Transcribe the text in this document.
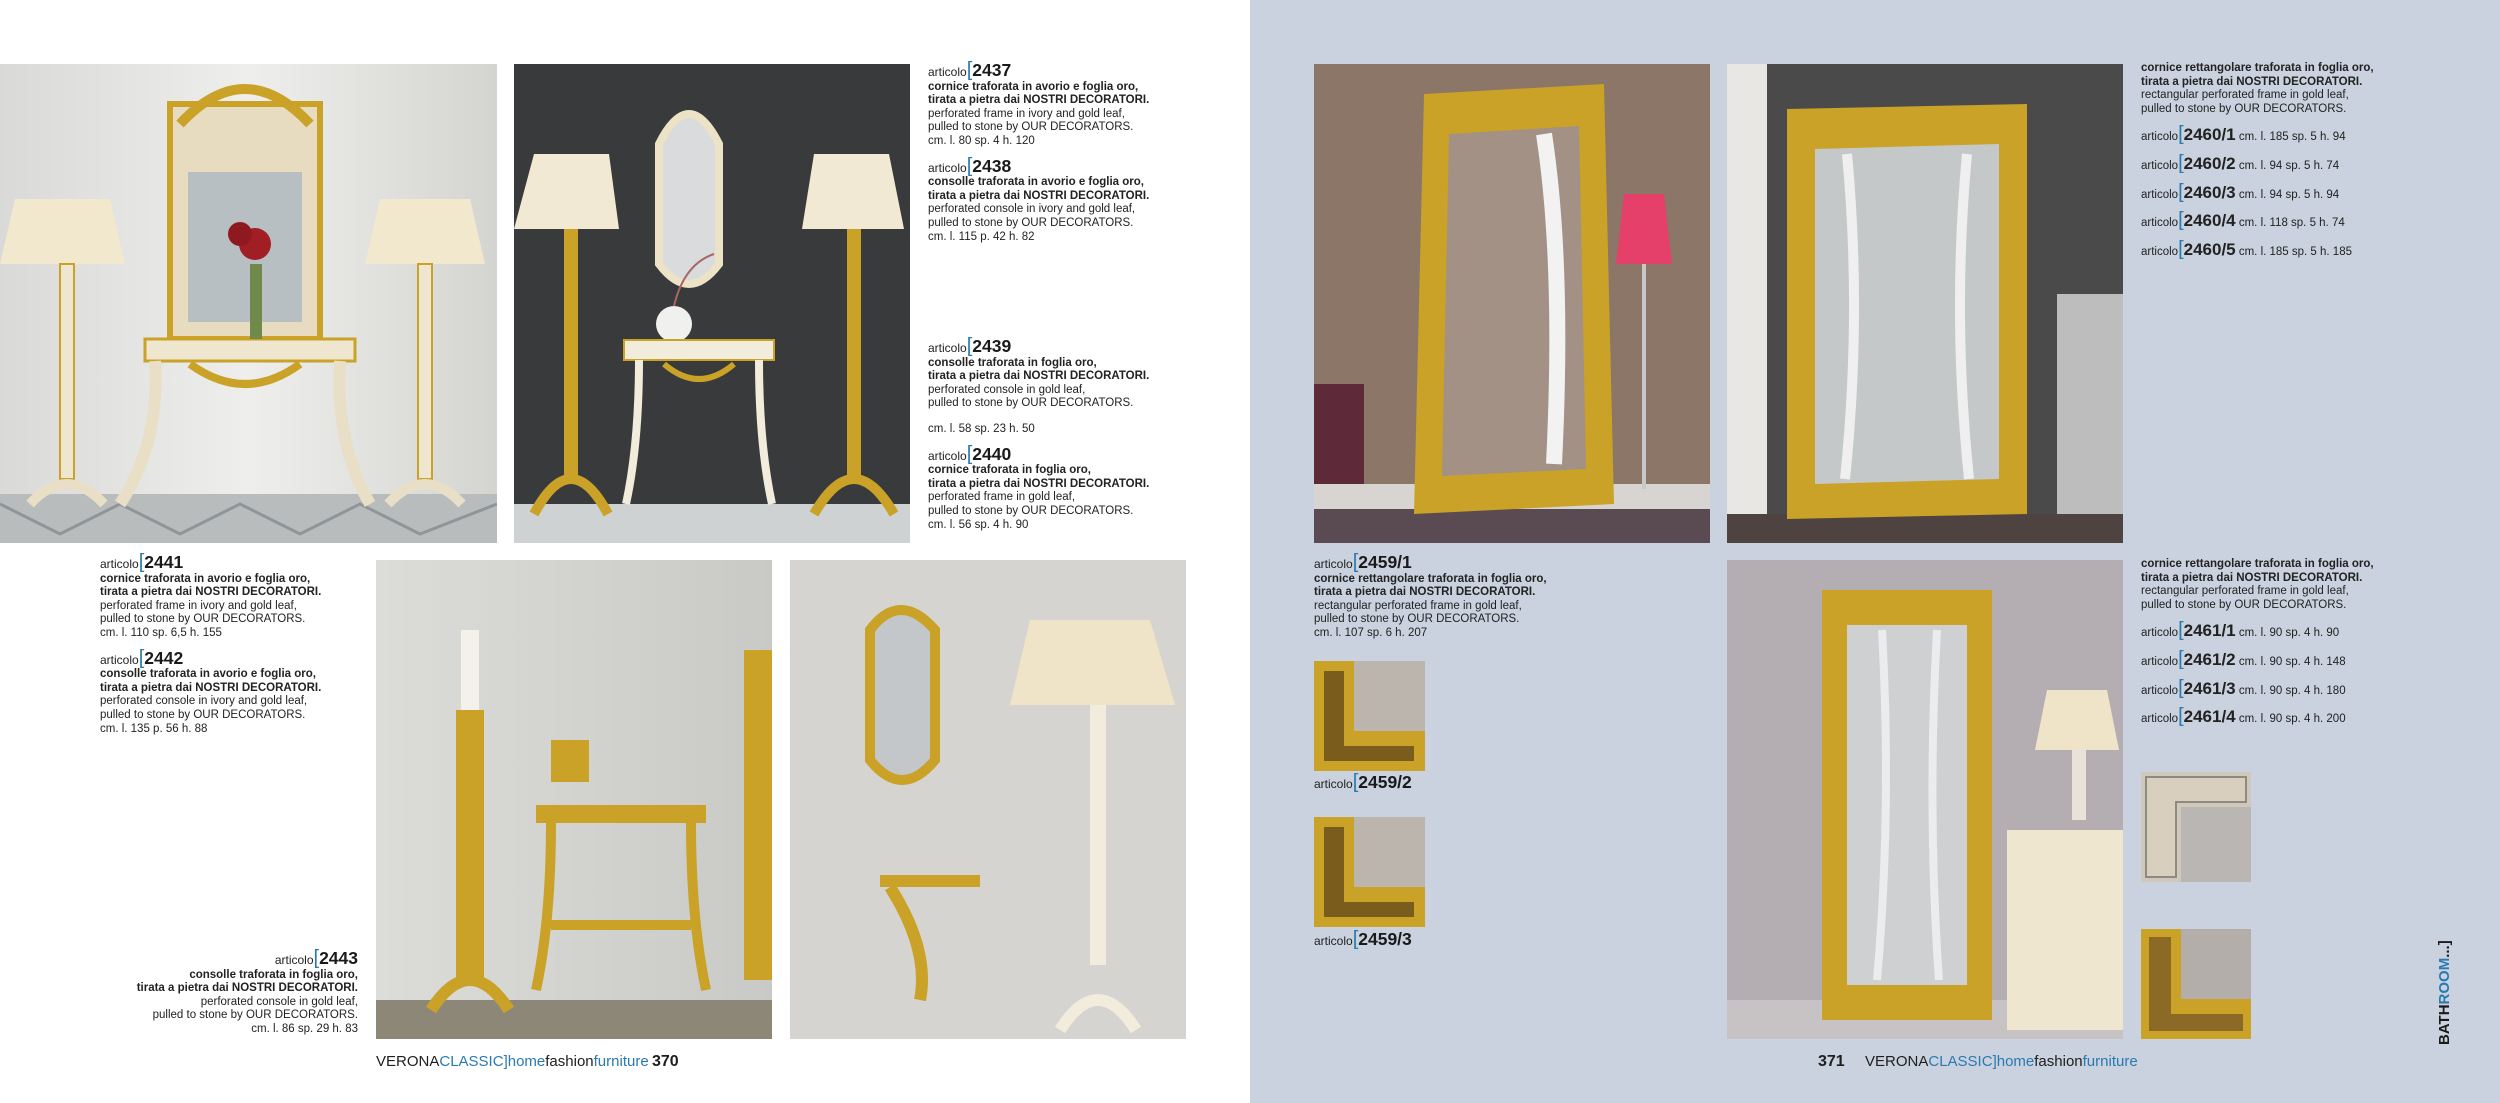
articolo[2437
cornice traforata in avorio e foglia oro,
tirata a pietra dai NOSTRI DECORATORI.
perforated frame in ivory and gold leaf,
pulled to stone by OUR DECORATORS.
cm. l. 80 sp. 4 h. 120
articolo[2438
consolle traforata in avorio e foglia oro,
tirata a pietra dai NOSTRI DECORATORI.
perforated console in ivory and gold leaf,
pulled to stone by OUR DECORATORS.
cm. l. 115 p. 42 h. 82
articolo[2439
consolle traforata in foglia oro,
tirata a pietra dai NOSTRI DECORATORI.
perforated console in gold leaf,
pulled to stone by OUR DECORATORS.
cm. l. 58 sp. 23 h. 50
articolo[2440
cornice traforata in foglia oro,
tirata a pietra dai NOSTRI DECORATORI.
perforated frame in gold leaf,
pulled to stone by OUR DECORATORS.
cm. l. 56 sp. 4 h. 90
articolo[2441
cornice traforata in avorio e foglia oro,
tirata a pietra dai NOSTRI DECORATORI.
perforated frame in ivory and gold leaf,
pulled to stone by OUR DECORATORS.
cm. l. 110 sp. 6,5 h. 155
articolo[2442
consolle traforata in avorio e foglia oro,
tirata a pietra dai NOSTRI DECORATORI.
perforated console in ivory and gold leaf,
pulled to stone by OUR DECORATORS.
cm. l. 135 p. 56 h. 88
articolo[2443
consolle traforata in foglia oro,
tirata a pietra dai NOSTRI DECORATORI.
perforated console in gold leaf,
pulled to stone by OUR DECORATORS.
cm. l. 86 sp. 29 h. 83
VERONACLASSIC]homefashionfurniture 370
articolo[2459/1
cornice rettangolare traforata in foglia oro,
tirata a pietra dai NOSTRI DECORATORI.
rectangular perforated frame in gold leaf,
pulled to stone by OUR DECORATORS.
cm. l. 107 sp. 6 h. 207
articolo[2459/2
articolo[2459/3
cornice rettangolare traforata in foglia oro,
tirata a pietra dai NOSTRI DECORATORI.
rectangular perforated frame in gold leaf,
pulled to stone by OUR DECORATORS.
articolo[2460/1 cm. l. 185 sp. 5 h. 94
articolo[2460/2 cm. l. 94 sp. 5 h. 74
articolo[2460/3 cm. l. 94 sp. 5 h. 94
articolo[2460/4 cm. l. 118 sp. 5 h. 74
articolo[2460/5 cm. l. 185 sp. 5 h. 185
cornice rettangolare traforata in foglia oro,
tirata a pietra dai NOSTRI DECORATORI.
rectangular perforated frame in gold leaf,
pulled to stone by OUR DECORATORS.
articolo[2461/1 cm. l. 90 sp. 4 h. 90
articolo[2461/2 cm. l. 90 sp. 4 h. 148
articolo[2461/3 cm. l. 90 sp. 4 h. 180
articolo[2461/4 cm. l. 90 sp. 4 h. 200
371 VERONACLASSIC]homefashionfurniture
BATHROOM...]
